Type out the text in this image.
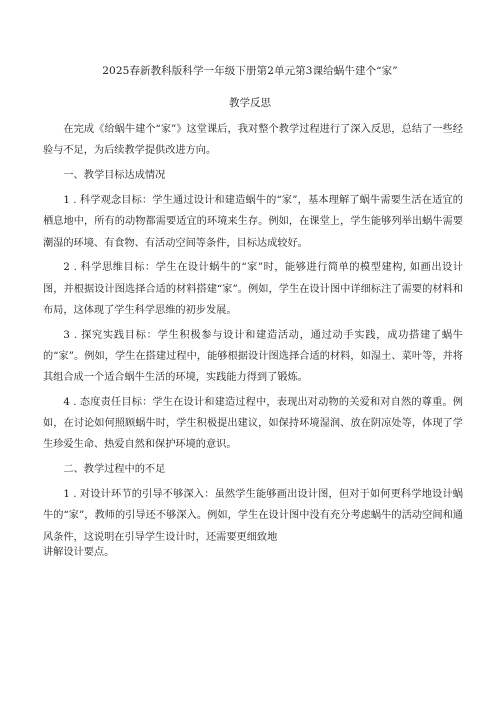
2025春新教科版科学一年级下册第2单元第3课给蜗牛建个“家”
教学反思

在完成《给蜗牛建个“家”》这堂课后，我对整个教学过程进行了深入反思，总结了一些经验与不足，为后续教学提供改进方向。

一、教学目标达成情况

1 . 科学观念目标：学生通过设计和建造蜗牛的“家”，基本理解了蜗牛需要生活在适宜的栖息地中，所有的动物都需要适宜的环境来生存。例如，在课堂上，学生能够列举出蜗牛需要潮湿的环境、有食物、有活动空间等条件，目标达成较好。

2 . 科学思维目标：学生在设计蜗牛的“家”时，能够进行简单的模型建构, 如画出设计图，并根据设计图选择合适的材料搭建“家”。例如，学生在设计图中详细标注了需要的材料和布局，这体现了学生科学思维的初步发展。

3 . 探究实践目标：学生积极参与设计和建造活动，通过动手实践，成功搭建了蜗牛的“家”。例如，学生在搭建过程中，能够根据设计图选择合适的材料，如湿土、菜叶等，并将其组合成一个适合蜗牛生活的环境，实践能力得到了锻炼。

4 . 态度责任目标：学生在设计和建造过程中，表现出对动物的关爱和对自然的尊重。例如，在讨论如何照顾蜗牛时，学生积极提出建议，如保持环境湿润、放在阴凉处等，体现了学生珍爱生命、热爱自然和保护环境的意识。

二、教学过程中的不足

1 . 对设计环节的引导不够深入：虽然学生能够画出设计图，但对于如何更科学地设计蜗牛的“家”，教师的引导还不够深入。例如，学生在设计图中没有充分考虑蜗牛的活动空间和通风条件，这说明在引导学生设计时，还需要更细致地

讲解设计要点。
